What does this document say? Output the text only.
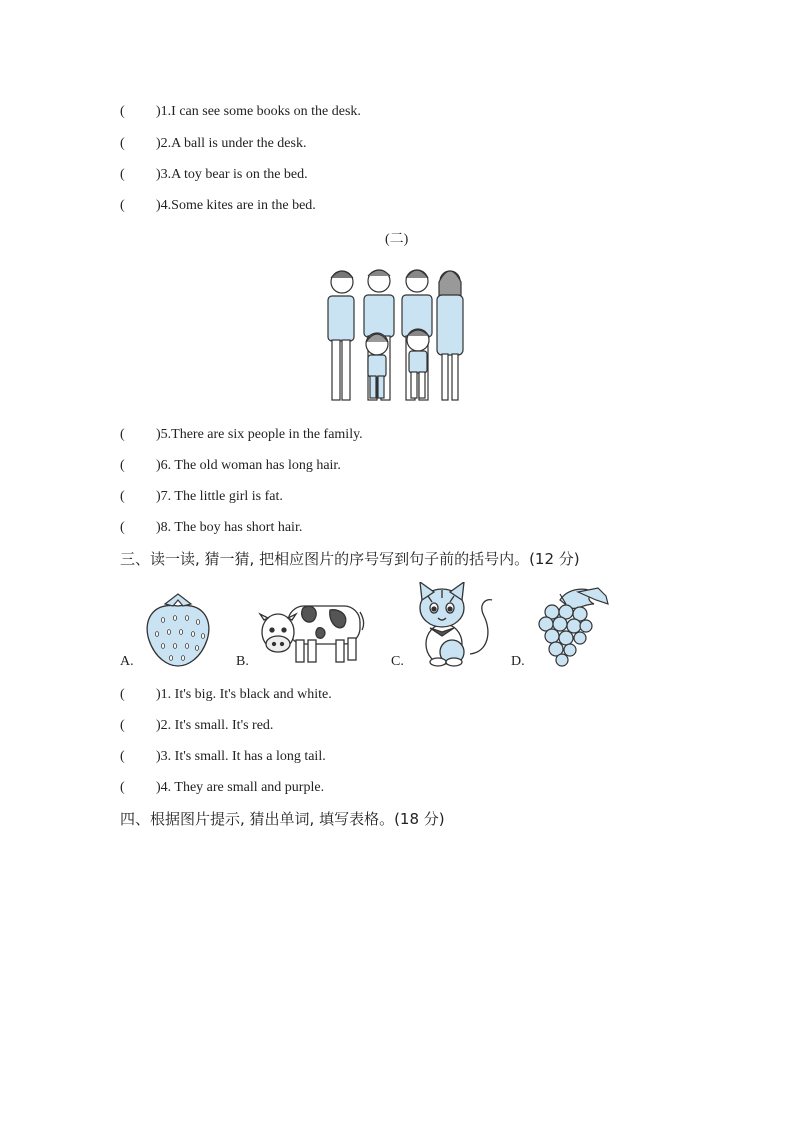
( )1.I can see some books on the desk.
( )2.A ball is under the desk.
( )3.A toy bear is on the bed.
( )4.Some kites are in the bed.
(二)
( )5.There are six people in the family.
( )6. The old woman has long hair.
( )7. The little girl is fat.
( )8. The boy has short hair.
三、读一读, 猜一猜, 把相应图片的序号写到句子前的括号内。(12 分)
A.	B.	C.	D.
( )1. It's big. It's black and white.
( )2. It's small. It's red.
( )3. It's small. It has a long tail.
( )4. They are small and purple.
四、根据图片提示, 猜出单词, 填写表格。(18 分)
